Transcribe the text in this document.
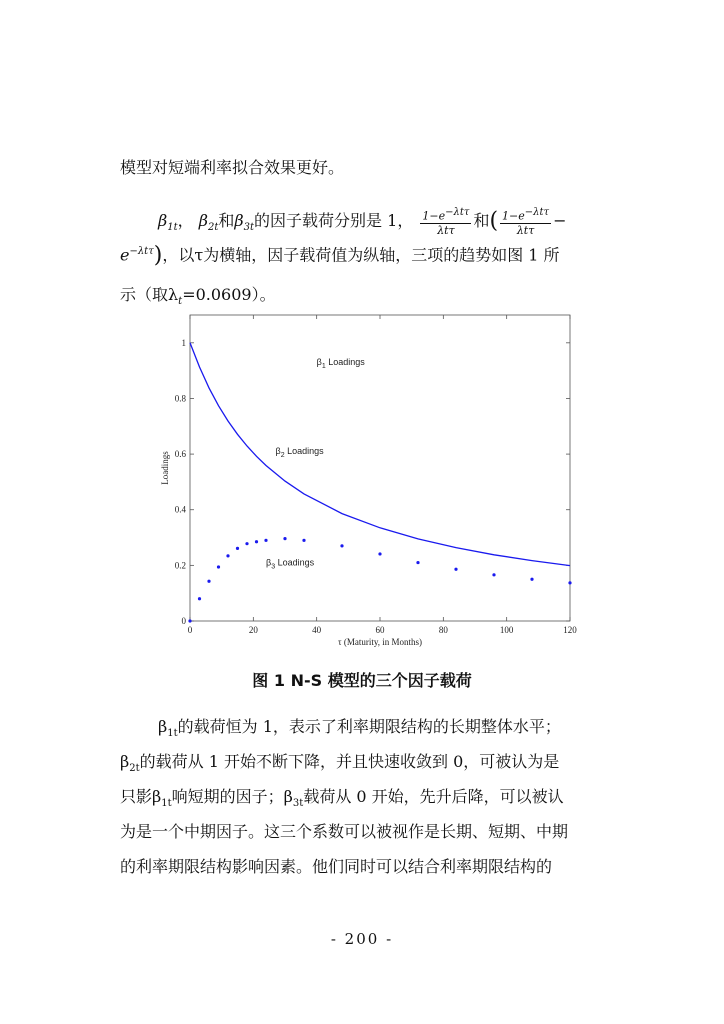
模型对短端利率拟合效果更好。
$\beta_{1t}$， $\beta_{2t}$和$\beta_{3t}$的因子载荷分别是 1， $\frac{1-e^{-\lambda t\tau}}{\text{λtτ}}$ 和( $\frac{1-e^{-\lambda t\tau}}{\text{λtτ}}$ −
$e^{-\lambda t\tau}$)，以τ为横轴，因子载荷值为纵轴，三项的趋势如图 1 所
示（取$\lambda_t=0.0609$）。
0	20	40	60	80	100	120
0
0.2
0.4
0.6
0.8
1
τ (Maturity, in Months)
Loadings
$\beta_1$ Loadings
$\beta_2$ Loadings
$\beta_3$ Loadings
图 1 N-S 模型的三个因子载荷
$\beta_{1t}$的载荷恒为 1，表示了利率期限结构的长期整体水平；
$\beta_{2t}$的载荷从 1 开始不断下降，并且快速收敛到 0，可被认为是
只影$\beta_{1t}$响短期的因子；$\beta_{3t}$载荷从 0 开始，先升后降，可以被认
为是一个中期因子。这三个系数可以被视作是长期、短期、中期
的利率期限结构影响因素。他们同时可以结合利率期限结构的
- 200 -
